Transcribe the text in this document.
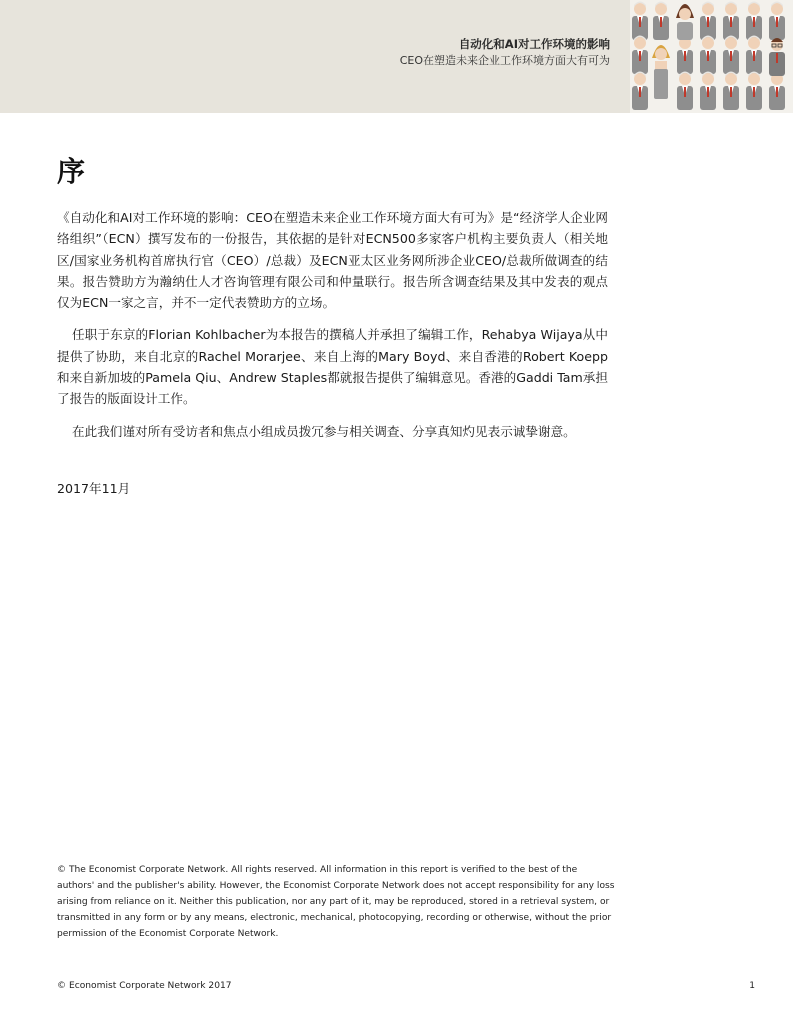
自动化和AI对工作环境的影响
CEO在塑造未来企业工作环境方面大有可为
序

《自动化和AI对工作环境的影响：CEO在塑造未来企业工作环境方面大有可为》是“经济学人企业网络组织”（ECN）撰写发布的一份报告，其依据的是针对ECN500多家客户机构主要负责人（相关地区/国家业务机构首席执行官（CEO）/总裁）及ECN亚太区业务网所涉企业CEO/总裁所做调查的结果。报告赞助方为瀚纳仕人才咨询管理有限公司和仲量联行。报告所含调查结果及其中发表的观点仅为ECN一家之言，并不一定代表赞助方的立场。

任职于东京的Florian Kohlbacher为本报告的撰稿人并承担了编辑工作，Rehabya Wijaya从中提供了协助，来自北京的Rachel Morarjee、来自上海的Mary Boyd、来自香港的Robert Koepp和来自新加坡的Pamela Qiu、Andrew Staples都就报告提供了编辑意见。香港的Gaddi Tam承担了报告的版面设计工作。

在此我们谨对所有受访者和焦点小组成员拨冗参与相关调查、分享真知灼见表示诚挚谢意。

2017年11月
© The Economist Corporate Network. All rights reserved. All information in this report is verified to the best of the authors' and the publisher's ability. However, the Economist Corporate Network does not accept responsibility for any loss arising from reliance on it. Neither this publication, nor any part of it, may be reproduced, stored in a retrieval system, or transmitted in any form or by any means, electronic, mechanical, photocopying, recording or otherwise, without the prior permission of the Economist Corporate Network.
© Economist Corporate Network 2017	1
